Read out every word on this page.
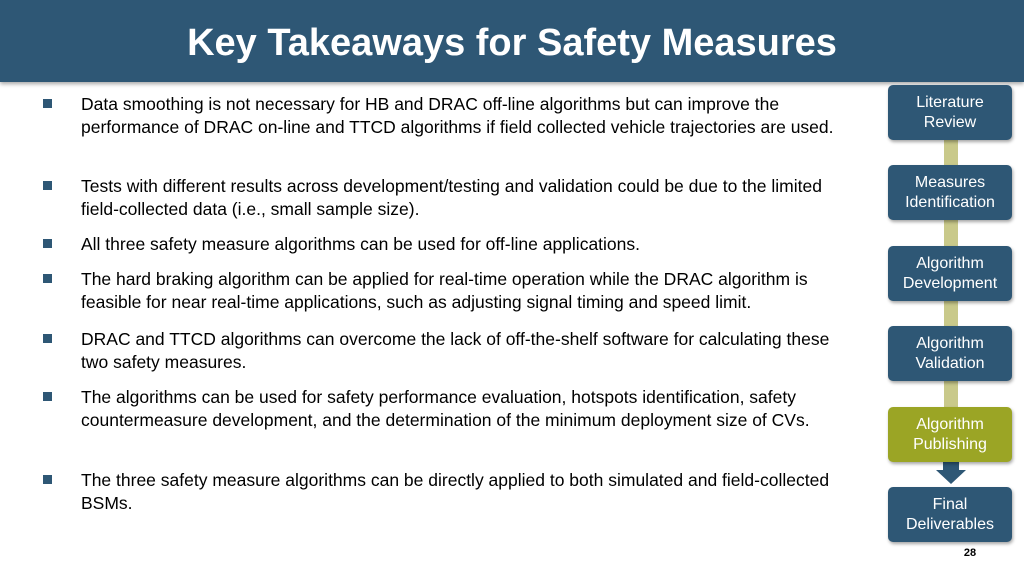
Key Takeaways for Safety Measures
Data smoothing is not necessary for HB and DRAC off-line algorithms but can improve the performance of DRAC on-line and TTCD algorithms if field collected vehicle trajectories are used.
Tests with different results across development/testing and validation could be due to the limited field-collected data (i.e., small sample size).
All three safety measure algorithms can be used for off-line applications.
The hard braking algorithm can be applied for real-time operation while the DRAC algorithm is feasible for near real-time applications, such as adjusting signal timing and speed limit.
DRAC and TTCD algorithms can overcome the lack of off-the-shelf software for calculating these two safety measures.
The algorithms can be used for safety performance evaluation, hotspots identification, safety countermeasure development, and the determination of the minimum deployment size of CVs.
The three safety measure algorithms can be directly applied to both simulated and field-collected BSMs.
Literature Review
Measures Identification
Algorithm Development
Algorithm Validation
Algorithm Publishing
Final Deliverables
28
